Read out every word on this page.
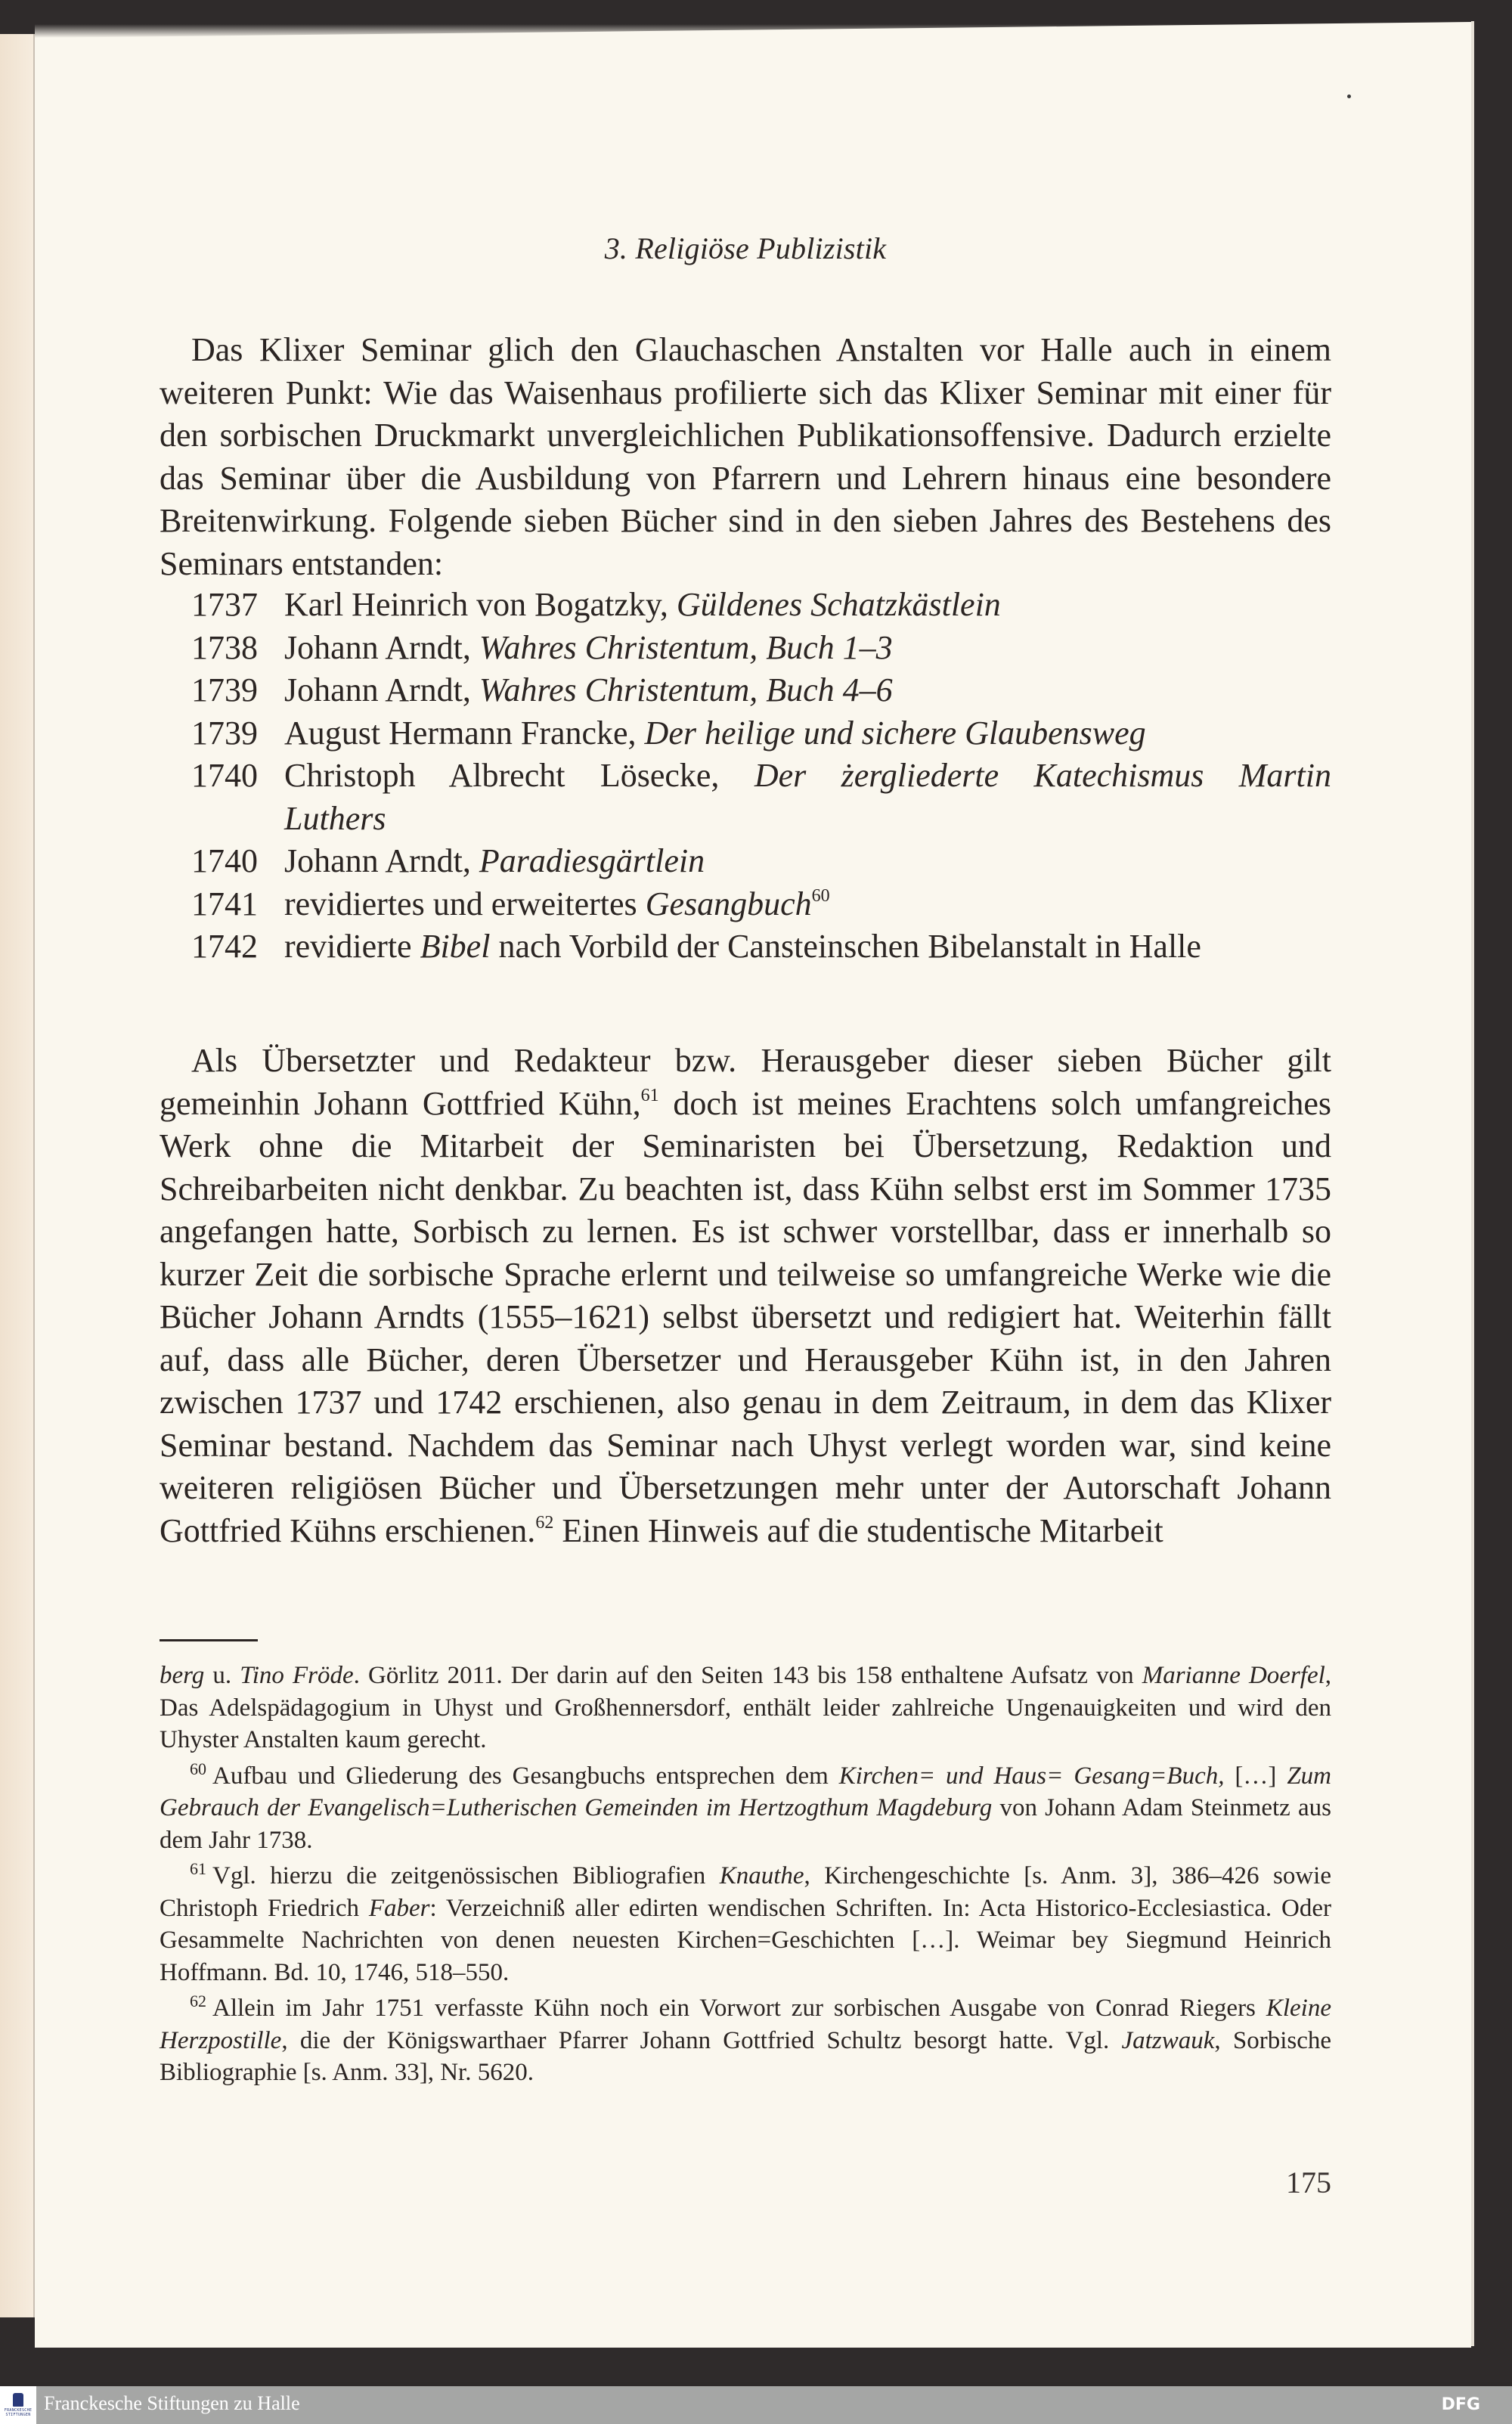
3. Religiöse Publizistik

Das Klixer Seminar glich den Glauchaschen Anstalten vor Halle auch in einem weiteren Punkt: Wie das Waisenhaus profilierte sich das Klixer Seminar mit einer für den sorbischen Druckmarkt unvergleichlichen Publikationsoffensive. Dadurch erzielte das Seminar über die Ausbildung von Pfarrern und Lehrern hinaus eine besondere Breitenwirkung. Folgende sieben Bücher sind in den sieben Jahres des Bestehens des Seminars entstanden:

1737 Karl Heinrich von Bogatzky, Güldenes Schatzkästlein
1738 Johann Arndt, Wahres Christentum, Buch 1–3
1739 Johann Arndt, Wahres Christentum, Buch 4–6
1739 August Hermann Francke, Der heilige und sichere Glaubensweg
1740 Christoph Albrecht Lösecke, Der żergliederte Katechismus Martin Luthers
1740 Johann Arndt, Paradiesgärtlein
1741 revidiertes und erweitertes Gesangbuch$^{60}$
1742 revidierte Bibel nach Vorbild der Cansteinschen Bibelanstalt in Halle

Als Übersetzter und Redakteur bzw. Herausgeber dieser sieben Bücher gilt gemeinhin Johann Gottfried Kühn,$^{61}$ doch ist meines Erachtens solch umfangreiches Werk ohne die Mitarbeit der Seminaristen bei Übersetzung, Redaktion und Schreibarbeiten nicht denkbar. Zu beachten ist, dass Kühn selbst erst im Sommer 1735 angefangen hatte, Sorbisch zu lernen. Es ist schwer vorstellbar, dass er innerhalb so kurzer Zeit die sorbische Sprache erlernt und teilweise so umfangreiche Werke wie die Bücher Johann Arndts (1555–1621) selbst übersetzt und redigiert hat. Weiterhin fällt auf, dass alle Bücher, deren Übersetzer und Herausgeber Kühn ist, in den Jahren zwischen 1737 und 1742 erschienen, also genau in dem Zeitraum, in dem das Klixer Seminar bestand. Nachdem das Seminar nach Uhyst verlegt worden war, sind keine weiteren religiösen Bücher und Übersetzungen mehr unter der Autorschaft Johann Gottfried Kühns erschienen.$^{62}$ Einen Hinweis auf die studentische Mitarbeit

berg u. Tino Fröde. Görlitz 2011. Der darin auf den Seiten 143 bis 158 enthaltene Aufsatz von Marianne Doerfel, Das Adelspädagogium in Uhyst und Großhennersdorf, enthält leider zahlreiche Ungenauigkeiten und wird den Uhyster Anstalten kaum gerecht.

$^{60}$ Aufbau und Gliederung des Gesangbuchs entsprechen dem Kirchen= und Haus= Gesang=Buch, […] Zum Gebrauch der Evangelisch=Lutherischen Gemeinden im Hertzogthum Magdeburg von Johann Adam Steinmetz aus dem Jahr 1738.

$^{61}$ Vgl. hierzu die zeitgenössischen Bibliografien Knauthe, Kirchengeschichte [s. Anm. 3], 386–426 sowie Christoph Friedrich Faber: Verzeichniß aller edirten wendischen Schriften. In: Acta Historico-Ecclesiastica. Oder Gesammelte Nachrichten von denen neuesten Kirchen=Geschichten […]. Weimar bey Siegmund Heinrich Hoffmann. Bd. 10, 1746, 518–550.

$^{62}$ Allein im Jahr 1751 verfasste Kühn noch ein Vorwort zur sorbischen Ausgabe von Conrad Riegers Kleine Herzpostille, die der Königswarthaer Pfarrer Johann Gottfried Schultz besorgt hatte. Vgl. Jatzwauk, Sorbische Bibliographie [s. Anm. 33], Nr. 5620.

175
FRANCKESCHE
STIFTUNGEN
Franckesche Stiftungen zu Halle	DFG
